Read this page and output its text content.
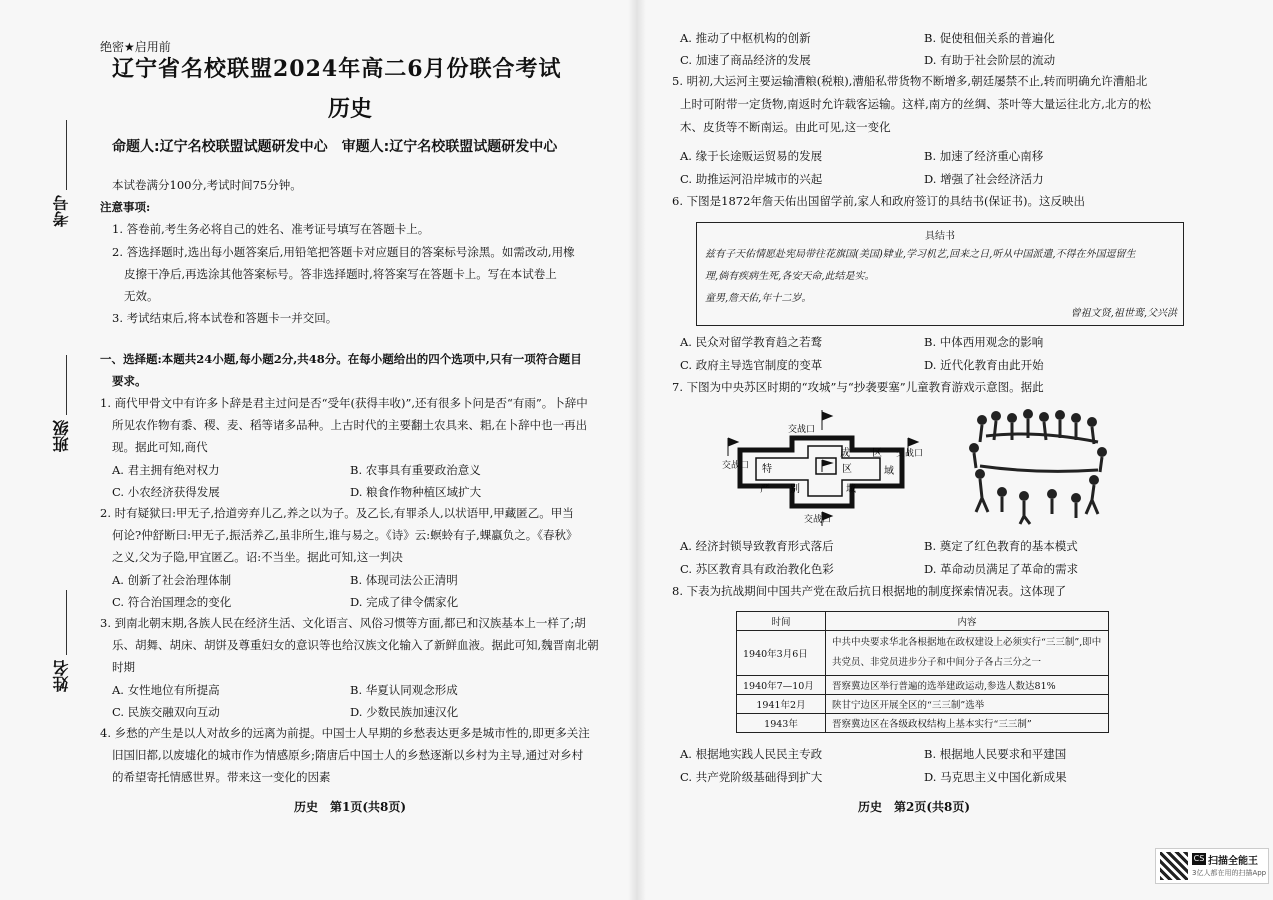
考号
班级
姓名
绝密★启用前
辽宁省名校联盟2024年高二6月份联合考试
历史
命题人:辽宁名校联盟试题研发中心　审题人:辽宁名校联盟试题研发中心
本试卷满分100分,考试时间75分钟。
注意事项:
1. 答卷前,考生务必将自己的姓名、准考证号填写在答题卡上。
2. 答选择题时,选出每小题答案后,用铅笔把答题卡对应题目的答案标号涂黑。如需改动,用橡
皮擦干净后,再选涂其他答案标号。答非选择题时,将答案写在答题卡上。写在本试卷上
无效。
3. 考试结束后,将本试卷和答题卡一并交回。
一、选择题:本题共24小题,每小题2分,共48分。在每小题给出的四个选项中,只有一项符合题目
要求。
1. 商代甲骨文中有许多卜辞是君主过问是否“受年(获得丰收)”,还有很多卜问是否“有雨”。卜辞中
所见农作物有黍、稷、麦、稻等诸多品种。上古时代的主要翻土农具来、耜,在卜辞中也一再出
现。据此可知,商代
A. 君主拥有绝对权力	B. 农事具有重要政治意义
C. 小农经济获得发展	D. 粮食作物种植区域扩大
2. 时有疑狱曰:甲无子,拾道旁弃儿乙,养之以为子。及乙长,有罪杀人,以状语甲,甲藏匿乙。甲当
何论?仲舒断曰:甲无子,振活养乙,虽非所生,谁与易之。《诗》云:螟蛉有子,蜾蠃负之。《春秋》
之义,父为子隐,甲宜匿乙。诏:不当坐。据此可知,这一判决
A. 创新了社会治理体制	B. 体现司法公正清明
C. 符合治国理念的变化	D. 完成了律令儒家化
3. 到南北朝末期,各族人民在经济生活、文化语言、风俗习惯等方面,都已和汉族基本上一样了;胡
乐、胡舞、胡床、胡饼及尊重妇女的意识等也给汉族文化输入了新鲜血液。据此可知,魏晋南北朝
时期
A. 女性地位有所提高	B. 华夏认同观念形成
C. 民族交融双向互动	D. 少数民族加速汉化
4. 乡愁的产生是以人对故乡的远离为前提。中国士人早期的乡愁表达更多是城市性的,即更多关注
旧国旧都,以废墟化的城市作为情感原乡;隋唐后中国士人的乡愁逐渐以乡村为主导,通过对乡村
的希望寄托情感世界。带来这一变化的因素
历史　第1页(共8页)
A. 推动了中枢机构的创新	B. 促使租佃关系的普遍化
C. 加速了商品经济的发展	D. 有助于社会阶层的流动
5. 明初,大运河主要运输漕粮(税粮),漕船私带货物不断增多,朝廷屡禁不止,转而明确允许漕船北
上时可附带一定货物,南返时允许载客运输。这样,南方的丝绸、茶叶等大量运往北方,北方的松
木、皮货等不断南运。由此可见,这一变化
A. 缘于长途贩运贸易的发展	B. 加速了经济重心南移
C. 助推运河沿岸城市的兴起	D. 增强了社会经济活力
6. 下图是1872年詹天佑出国留学前,家人和政府签订的具结书(保证书)。这反映出
具结书
兹有子天佑情愿赴宪局带往花旗国(美国)肄业,学习机艺,回来之日,听从中国派遣,不得在外国逗留生
理,倘有疾病生死,各安天命,此结是实。
童男,詹天佑,年十二岁。
曾祖文贤,祖世鸾,父兴洪
A. 民众对留学教育趋之若鹜	B. 中体西用观念的影响
C. 政府主导选官制度的变革	D. 近代化教育由此开始
7. 下图为中央苏区时期的“攻城”与“抄袭要塞”儿童教育游戏示意图。据此
交战口
成
特	区
区
别	域
严
域
交战口
交战口
交战口
A. 经济封锁导致教育形式落后	B. 奠定了红色教育的基本模式
C. 苏区教育具有政治教化色彩	D. 革命动员满足了革命的需求
8. 下表为抗战期间中国共产党在敌后抗日根据地的制度探索情况表。这体现了
时间	内容
1940年3月6日	中共中央要求华北各根据地在政权建设上必须实行“三三制”,即中共党员、非党员进步分子和中间分子各占三分之一
1940年7—10月	晋察冀边区举行普遍的选举建政运动,参选人数达81%
1941年2月	陕甘宁边区开展全区的“三三制”选举
1943年	晋察冀边区在各级政权结构上基本实行“三三制”
A. 根据地实践人民民主专政	B. 根据地人民要求和平建国
C. 共产党阶级基础得到扩大	D. 马克思主义中国化新成果
历史　第2页(共8页)
CS 扫描全能王
3亿人都在用的扫描App
